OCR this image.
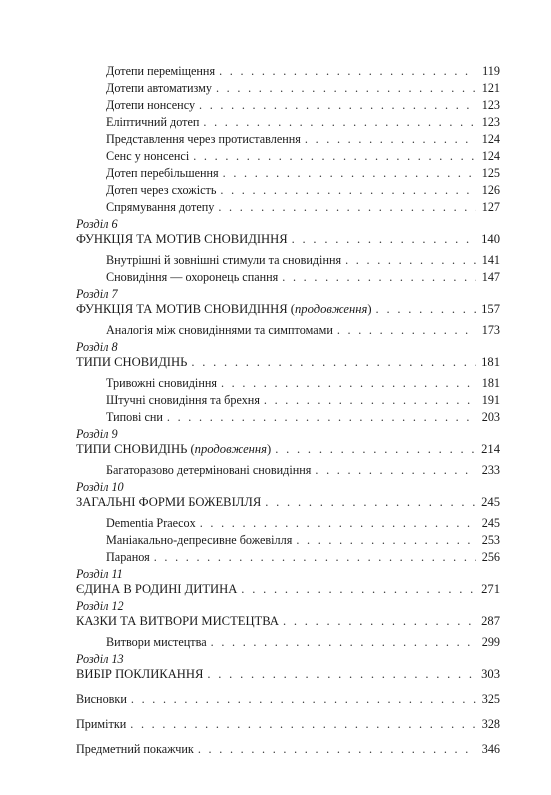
Дотепи переміщення . . .	119
Дотепи автоматизму . . .	121
Дотепи нонсенсу . . .	123
Еліптичний дотеп . . .	123
Представлення через протиставлення . . .	124
Сенс у нонсенсі . . .	124
Дотеп перебільшення . . .	125
Дотеп через схожість . . .	126
Спрямування дотепу . . .	127
Розділ 6
ФУНКЦІЯ ТА МОТИВ СНОВИДІННЯ . . .	140
Внутрішні й зовнішні стимули та сновидіння . . .	141
Сновидіння — охоронець спання . . .	147
Розділ 7
ФУНКЦІЯ ТА МОТИВ СНОВИДІННЯ (продовження) . . .	157
Аналогія між сновидіннями та симптомами . . .	173
Розділ 8
ТИПИ СНОВИДІНЬ . . .	181
Тривожні сновидіння . . .	181
Штучні сновидіння та брехня . . .	191
Типові сни . . .	203
Розділ 9
ТИПИ СНОВИДІНЬ (продовження) . . .	214
Багаторазово детерміновані сновидіння . . .	233
Розділ 10
ЗАГАЛЬНІ ФОРМИ БОЖЕВІЛЛЯ . . .	245
Dementia Praecox . . .	245
Маніакально-депресивне божевілля . . .	253
Параноя . . .	256
Розділ 11
ЄДИНА В РОДИНІ ДИТИНА . . .	271
Розділ 12
КАЗКИ ТА ВИТВОРИ МИСТЕЦТВА . . .	287
Витвори мистецтва . . .	299
Розділ 13
ВИБІР ПОКЛИКАННЯ . . .	303
Висновки . . .	325
Примітки . . .	328
Предметний покажчик . . .	346
